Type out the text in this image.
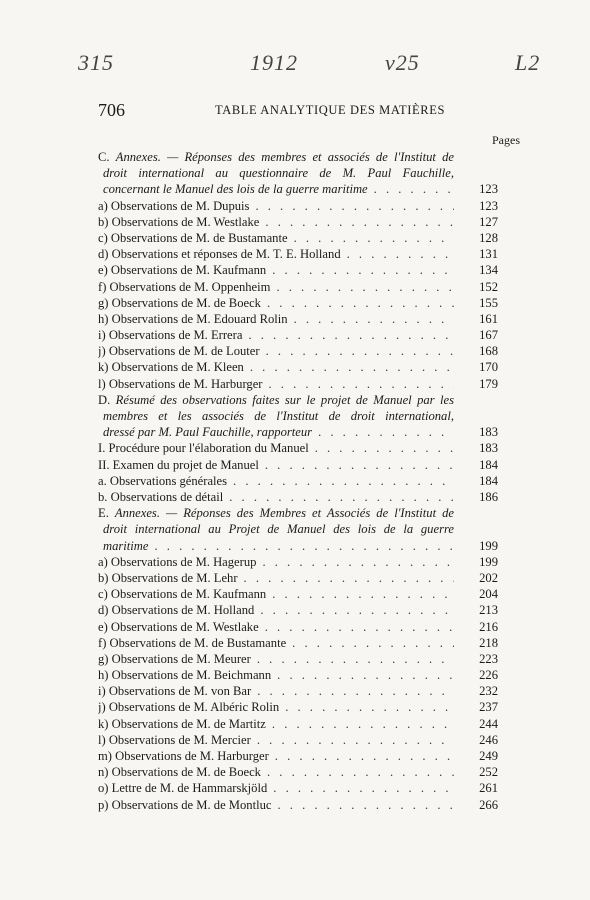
315	1912	v25	L2
706	TABLE ANALYTIQUE DES MATIÈRES
Pages
C. Annexes. — Réponses des membres et associés de l'Institut de
droit international au questionnaire de M. Paul Fauchille,
concernant le Manuel des lois de la guerre maritime . . .	123
a) Observations de M. Dupuis . . .	123
b) Observations de M. Westlake . . .	127
c) Observations de M. de Bustamante . . .	128
d) Observations et réponses de M. T. E. Holland . . .	131
e) Observations de M. Kaufmann . . .	134
f) Observations de M. Oppenheim . . .	152
g) Observations de M. de Boeck . . .	155
h) Observations de M. Edouard Rolin . . .	161
i) Observations de M. Errera . . .	167
j) Observations de M. de Louter . . .	168
k) Observations de M. Kleen . . .	170
l) Observations de M. Harburger . . .	179
D. Résumé des observations faites sur le projet de Manuel par les
membres et les associés de l'Institut de droit international,
dressé par M. Paul Fauchille, rapporteur . . .	183
I. Procédure pour l'élaboration du Manuel . . .	183
II. Examen du projet de Manuel . . .	184
a. Observations générales . . .	184
b. Observations de détail . . .	186
E. Annexes. — Réponses des Membres et Associés de l'Institut de
droit international au Projet de Manuel des lois de la guerre
maritime . . .	199
a) Observations de M. Hagerup . . .	199
b) Observations de M. Lehr . . .	202
c) Observations de M. Kaufmann . . .	204
d) Observations de M. Holland . . .	213
e) Observations de M. Westlake . . .	216
f) Observations de M. de Bustamante . . .	218
g) Observations de M. Meurer . . .	223
h) Observations de M. Beichmann . . .	226
i) Observations de M. von Bar . . .	232
j) Observations de M. Albéric Rolin . . .	237
k) Observations de M. de Martitz . . .	244
l) Observations de M. Mercier . . .	246
m) Observations de M. Harburger . . .	249
n) Observations de M. de Boeck . . .	252
o) Lettre de M. de Hammarskjöld . . .	261
p) Observations de M. de Montluc . . .	266
